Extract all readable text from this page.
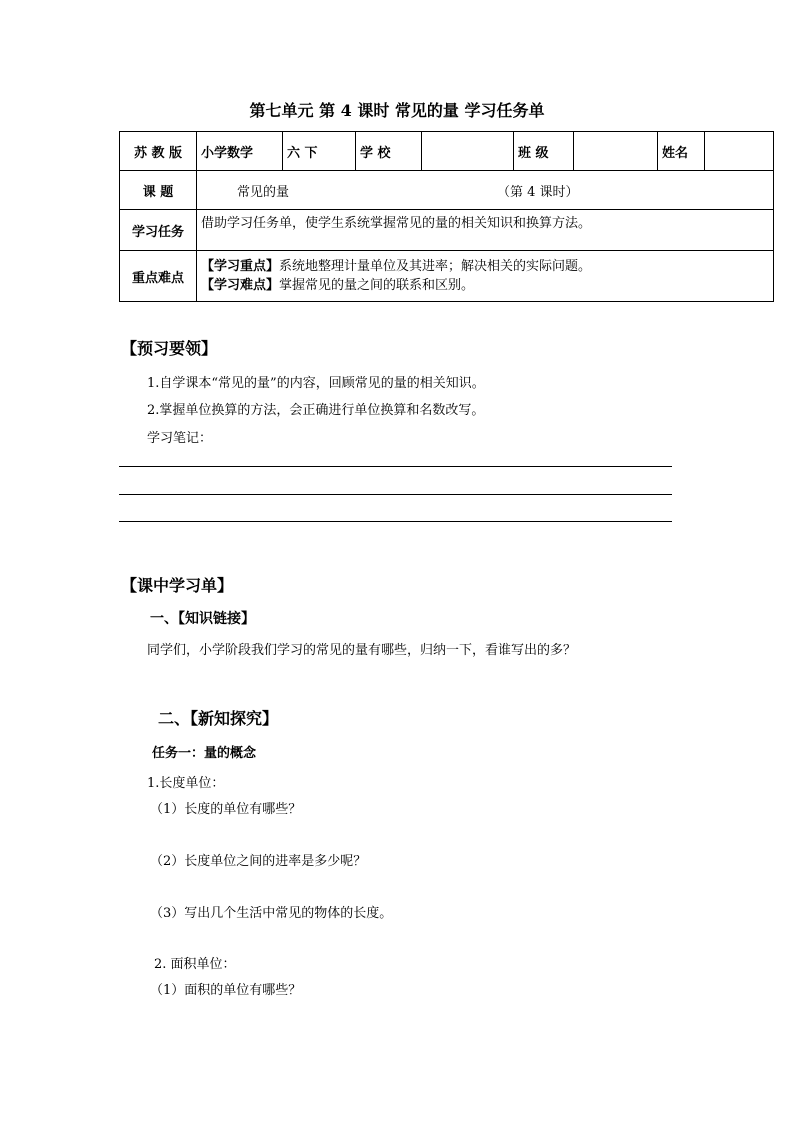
第七单元 第 4 课时 常见的量 学习任务单
苏 教 版	小学数学	六 下	学 校		班 级		姓名	
课 题	常见的量 （第 4 课时）							
学习任务	借助学习任务单，使学生系统掌握常见的量的相关知识和换算方法。							
重点难点	【学习重点】系统地整理计量单位及其进率；解决相关的实际问题。
【学习难点】掌握常见的量之间的联系和区别。							
【预习要领】
1.自学课本“常见的量”的内容，回顾常见的量的相关知识。
2.掌握单位换算的方法，会正确进行单位换算和名数改写。
学习笔记：
【课中学习单】
一、【知识链接】
同学们，小学阶段我们学习的常见的量有哪些，归纳一下，看谁写出的多？
二、【新知探究】
任务一：量的概念
1.长度单位：
（1）长度的单位有哪些？
（2）长度单位之间的进率是多少呢？
（3）写出几个生活中常见的物体的长度。
2. 面积单位：
（1）面积的单位有哪些？
